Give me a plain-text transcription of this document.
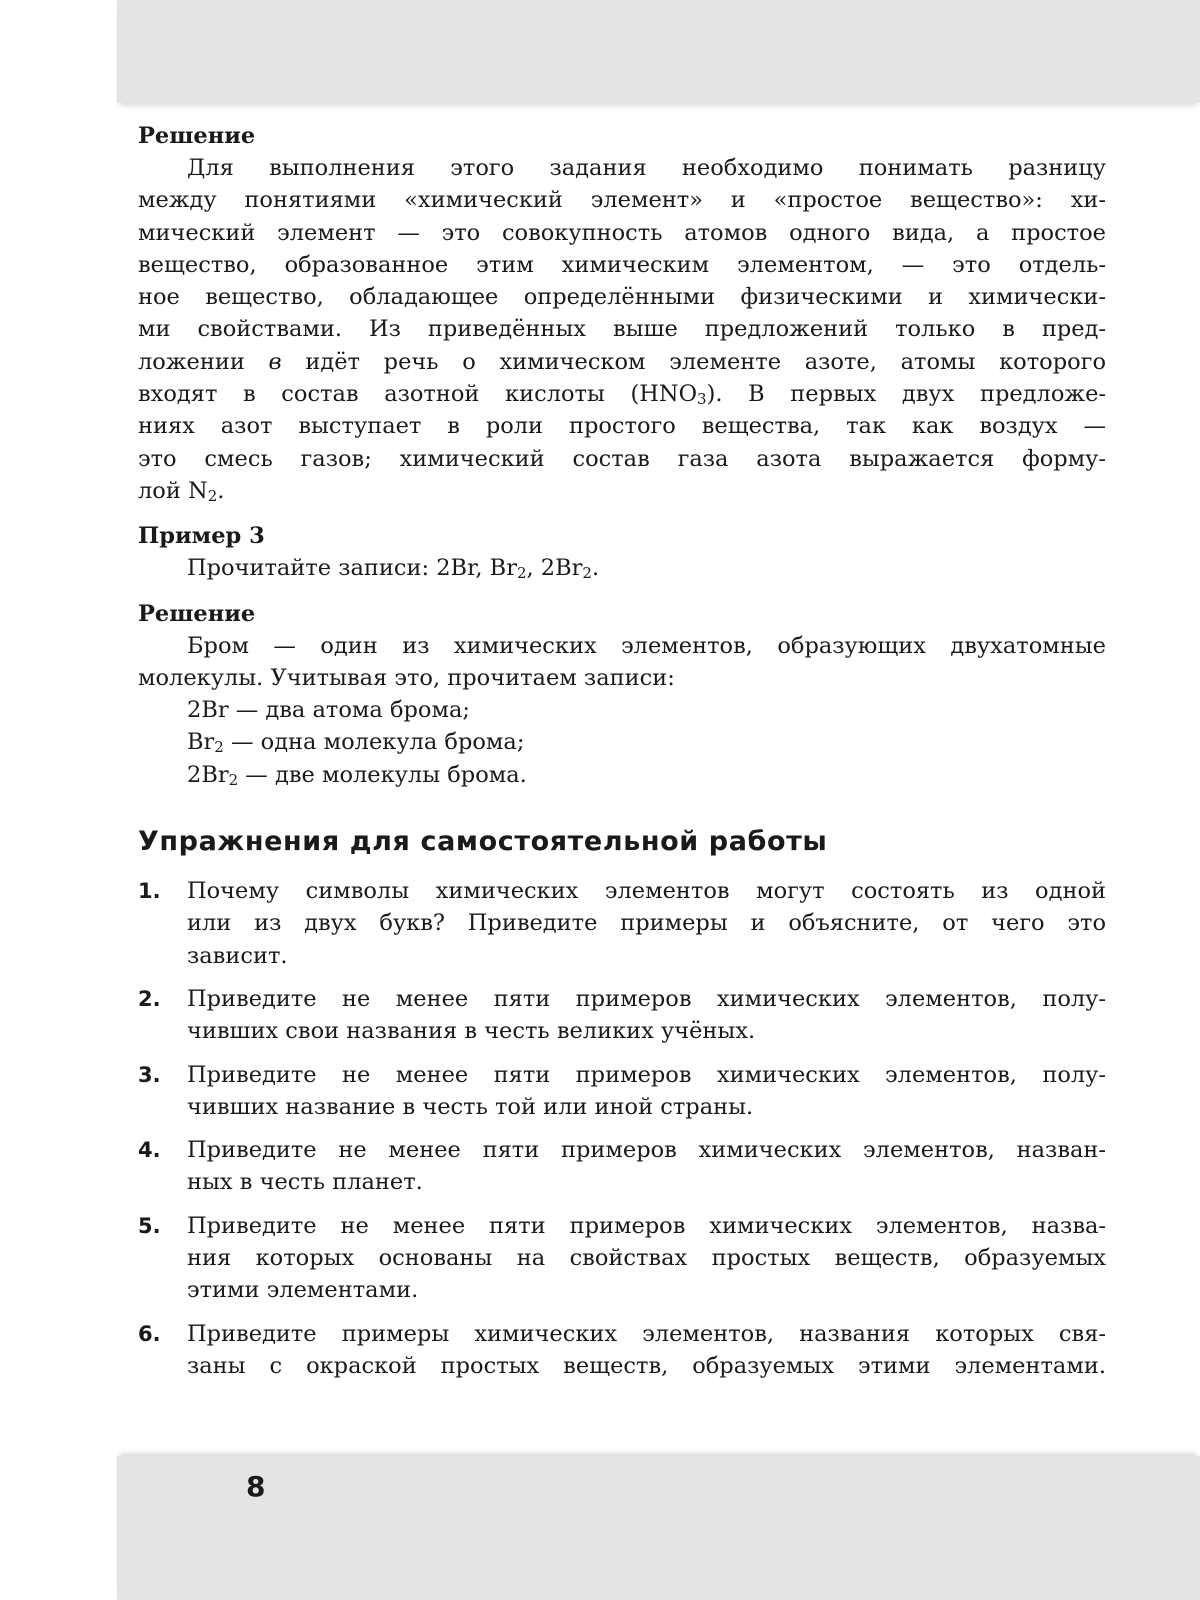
Решение
Для выполнения этого задания необходимо понимать разницу
между понятиями «химический элемент» и «простое вещество»: хи-
мический элемент — это совокупность атомов одного вида, а простое
вещество, образованное этим химическим элементом, — это отдель-
ное вещество, обладающее определёнными физическими и химически-
ми свойствами. Из приведённых выше предложений только в пред-
ложении в идёт речь о химическом элементе азоте, атомы которого
входят в состав азотной кислоты $(HNO_3)$. В первых двух предложе-
ниях азот выступает в роли простого вещества, так как воздух —
это смесь газов; химический состав газа азота выражается форму-
лой $N_2$.
Пример 3
Прочитайте записи: 2Br, $Br_2$, $2Br_2$.
Решение
Бром — один из химических элементов, образующих двухатомные
молекулы. Учитывая это, прочитаем записи:
2Br — два атома брома;
$Br_2$ — одна молекула брома;
$2Br_2$ — две молекулы брома.
Упражнения для самостоятельной работы
1. Почему символы химических элементов могут состоять из одной
или из двух букв? Приведите примеры и объясните, от чего это
зависит.
2. Приведите не менее пяти примеров химических элементов, полу-
чивших свои названия в честь великих учёных.
3. Приведите не менее пяти примеров химических элементов, полу-
чивших название в честь той или иной страны.
4. Приведите не менее пяти примеров химических элементов, назван-
ных в честь планет.
5. Приведите не менее пяти примеров химических элементов, назва-
ния которых основаны на свойствах простых веществ, образуемых
этими элементами.
6. Приведите примеры химических элементов, названия которых свя-
заны с окраской простых веществ, образуемых этими элементами.
8
